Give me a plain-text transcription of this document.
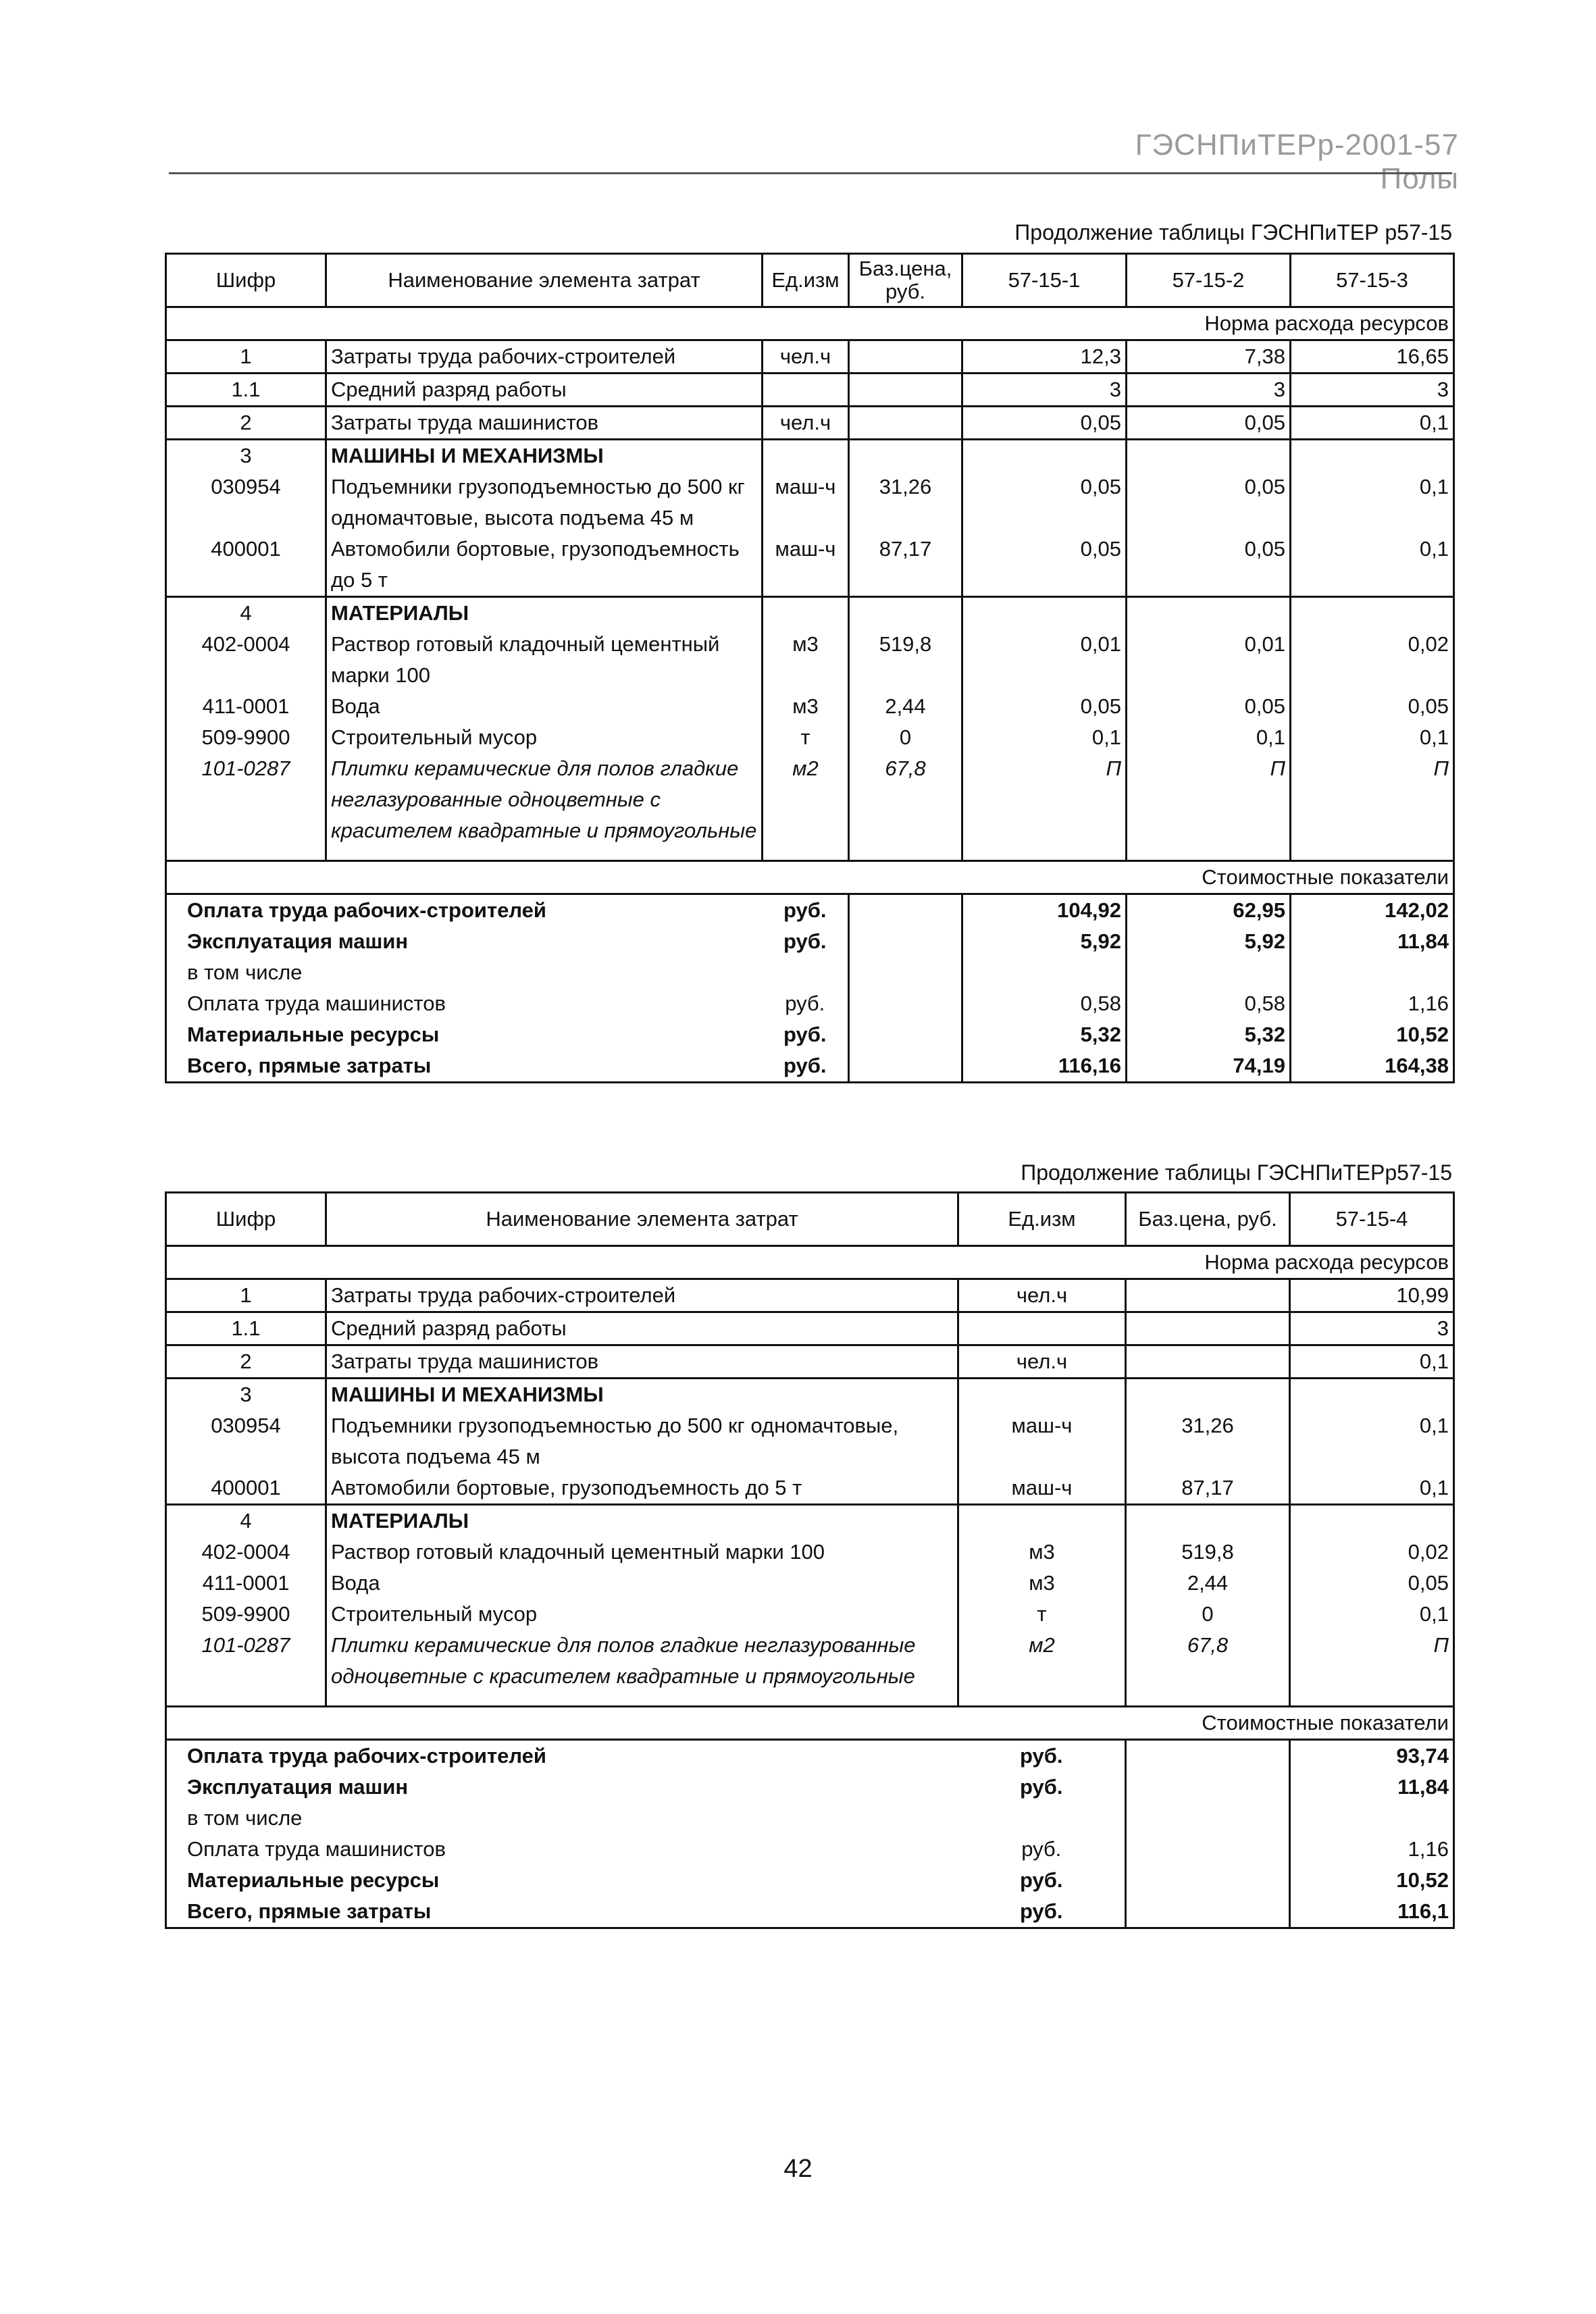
ГЭСНПиТЕРр-2001-57 Полы
Продолжение таблицы ГЭСНПиТЕР р57-15
Шифр	Наименование элемента затрат	Ед.изм	Баз.цена, руб.	57-15-1	57-15-2	57-15-3
Норма расхода ресурсов						
1	Затраты труда рабочих-строителей	чел.ч		12,3	7,38	16,65
1.1	Средний разряд работы			3	3	3
2	Затраты труда машинистов	чел.ч		0,05	0,05	0,1
3	МАШИНЫ И МЕХАНИЗМЫ					
030954	Подъемники грузоподъемностью до 500 кг одномачтовые, высота подъема 45 м	маш-ч	31,26	0,05	0,05	0,1
400001	Автомобили бортовые, грузоподъемность до 5 т	маш-ч	87,17	0,05	0,05	0,1
4	МАТЕРИАЛЫ					
402-0004	Раствор готовый кладочный цементный марки 100	м3	519,8	0,01	0,01	0,02
411-0001	Вода	м3	2,44	0,05	0,05	0,05
509-9900	Строительный мусор	т	0	0,1	0,1	0,1
101-0287	Плитки керамические для полов гладкие неглазурованные одноцветные с красителем квадратные и прямоугольные	м2	67,8	П	П	П
Стоимостные показатели						
Оплата труда рабочих-строителей		руб.		104,92	62,95	142,02
Эксплуатация машин		руб.		5,92	5,92	11,84
в том числе						
Оплата труда машинистов		руб.		0,58	0,58	1,16
Материальные ресурсы		руб.		5,32	5,32	10,52
Всего, прямые затраты		руб.		116,16	74,19	164,38
Продолжение таблицы ГЭСНПиТЕРр57-15
Шифр	Наименование элемента затрат	Ед.изм	Баз.цена, руб.	57-15-4
Норма расхода ресурсов				
1	Затраты труда рабочих-строителей	чел.ч		10,99
1.1	Средний разряд работы			3
2	Затраты труда машинистов	чел.ч		0,1
3	МАШИНЫ И МЕХАНИЗМЫ			
030954	Подъемники грузоподъемностью до 500 кг одномачтовые, высота подъема 45 м	маш-ч	31,26	0,1
400001	Автомобили бортовые, грузоподъемность до 5 т	маш-ч	87,17	0,1
4	МАТЕРИАЛЫ			
402-0004	Раствор готовый кладочный цементный марки 100	м3	519,8	0,02
411-0001	Вода	м3	2,44	0,05
509-9900	Строительный мусор	т	0	0,1
101-0287	Плитки керамические для полов гладкие неглазурованные одноцветные с красителем квадратные и прямоугольные	м2	67,8	П
Стоимостные показатели				
Оплата труда рабочих-строителей		руб.		93,74
Эксплуатация машин		руб.		11,84
в том числе				
Оплата труда машинистов		руб.		1,16
Материальные ресурсы		руб.		10,52
Всего, прямые затраты		руб.		116,1
42
